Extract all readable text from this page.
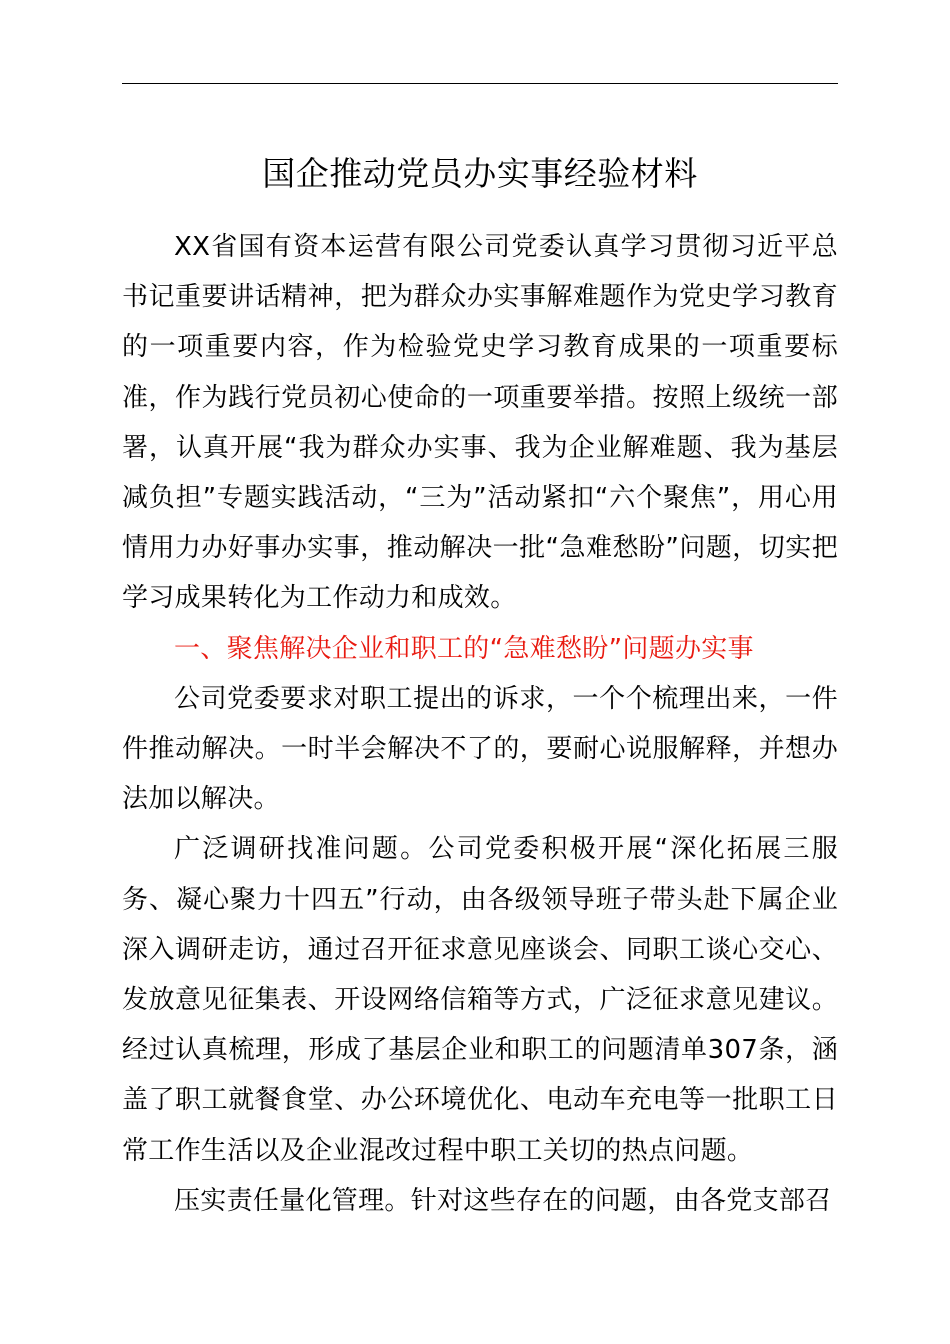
国企推动党员办实事经验材料

XX省国有资本运营有限公司党委认真学习贯彻习近平总书记重要讲话精神，把为群众办实事解难题作为党史学习教育的一项重要内容，作为检验党史学习教育成果的一项重要标准，作为践行党员初心使命的一项重要举措。按照上级统一部署，认真开展“我为群众办实事、我为企业解难题、我为基层减负担”专题实践活动，“三为”活动紧扣“六个聚焦”，用心用情用力办好事办实事，推动解决一批“急难愁盼”问题，切实把学习成果转化为工作动力和成效。

一、聚焦解决企业和职工的“急难愁盼”问题办实事

公司党委要求对职工提出的诉求，一个个梳理出来，一件件推动解决。一时半会解决不了的，要耐心说服解释，并想办法加以解决。

广泛调研找准问题。公司党委积极开展“深化拓展三服务、凝心聚力十四五”行动，由各级领导班子带头赴下属企业深入调研走访，通过召开征求意见座谈会、同职工谈心交心、发放意见征集表、开设网络信箱等方式，广泛征求意见建议。经过认真梳理，形成了基层企业和职工的问题清单307条，涵盖了职工就餐食堂、办公环境优化、电动车充电等一批职工日常工作生活以及企业混改过程中职工关切的热点问题。

压实责任量化管理。针对这些存在的问题，由各党支部召
